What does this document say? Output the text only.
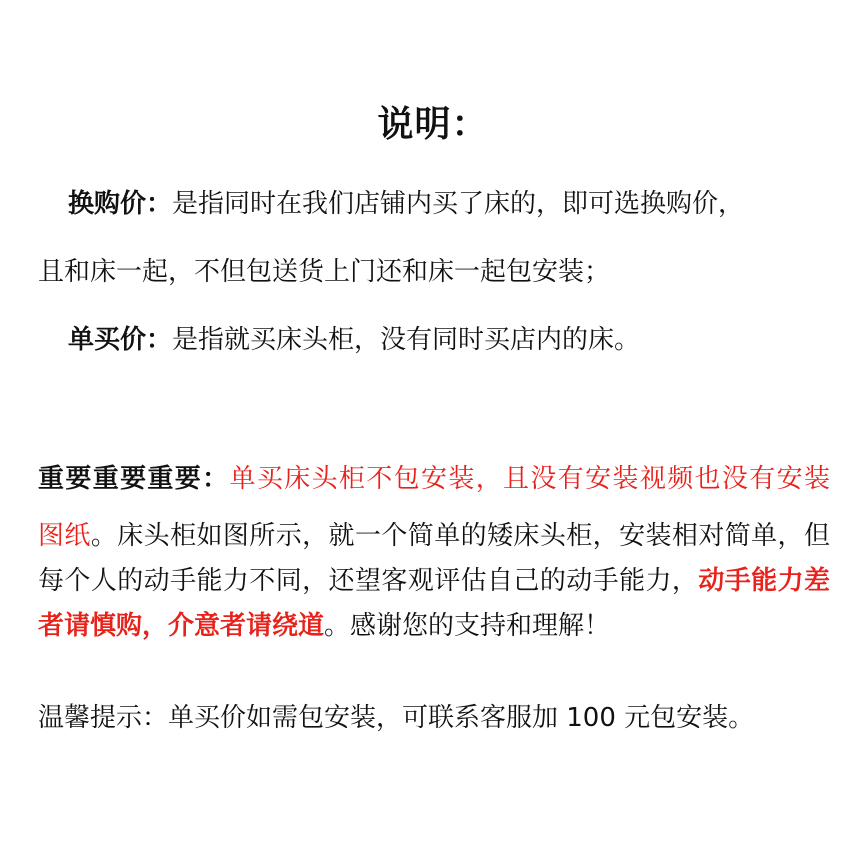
说明：
换购价：是指同时在我们店铺内买了床的，即可选换购价，
且和床一起，不但包送货上门还和床一起包安装；
单买价：是指就买床头柜，没有同时买店内的床。
重要重要重要：单买床头柜不包安装，且没有安装视频也没有安装
图纸。床头柜如图所示，就一个简单的矮床头柜，安装相对简单，但
每个人的动手能力不同，还望客观评估自己的动手能力，动手能力差
者请慎购，介意者请绕道。感谢您的支持和理解！
温馨提示：单买价如需包安装，可联系客服加 100 元包安装。
